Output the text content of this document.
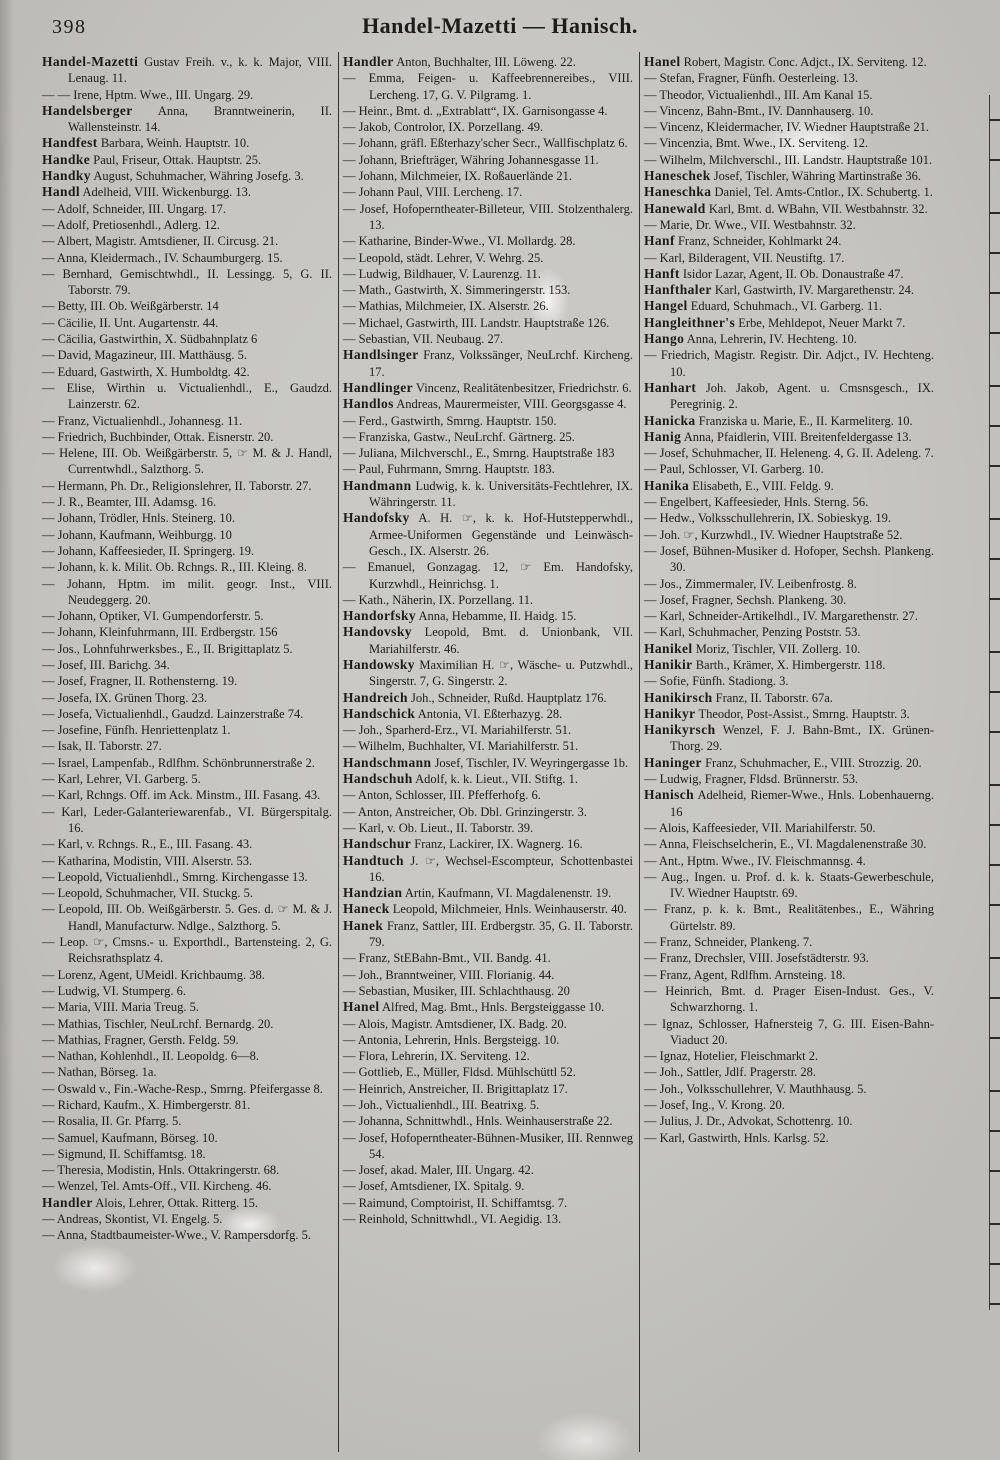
398	Handel-Mazetti — Hanisch.
Handel-Mazetti Gustav Freih. v., k. k. Major, VIII. Lenaug. 11.
— — Irene, Hptm. Wwe., III. Ungarg. 29.
Handelsberger Anna, Branntweinerin, II. Wallensteinstr. 14.
Handfest Barbara, Weinh. Hauptstr. 10.
Handke Paul, Friseur, Ottak. Hauptstr. 25.
Handky August, Schuhmacher, Währing Josefg. 3.
Handl Adelheid, VIII. Wickenburgg. 13.
— Adolf, Schneider, III. Ungarg. 17.
— Adolf, Pretiosenhdl., Adlerg. 12.
— Albert, Magistr. Amtsdiener, II. Circusg. 21.
— Anna, Kleidermach., IV. Schaumburgerg. 15.
— Bernhard, Gemischtwhdl., II. Lessingg. 5, G. II. Taborstr. 79.
— Betty, III. Ob. Weißgärberstr. 14
— Cäcilie, II. Unt. Augartenstr. 44.
— Cäcilia, Gastwirthin, X. Südbahnplatz 6
— David, Magazineur, III. Matthäusg. 5.
— Eduard, Gastwirth, X. Humboldtg. 42.
— Elise, Wirthin u. Victualienhdl., E., Gaudzd. Lainzerstr. 62.
— Franz, Victualienhdl., Johannesg. 11.
— Friedrich, Buchbinder, Ottak. Eisnerstr. 20.
— Helene, III. Ob. Weißgärberstr. 5, ☞ M. & J. Handl, Currentwhdl., Salzthorg. 5.
— Hermann, Ph. Dr., Religionslehrer, II. Taborstr. 27.
— J. R., Beamter, III. Adamsg. 16.
— Johann, Trödler, Hnls. Steinerg. 10.
— Johann, Kaufmann, Weihburgg. 10
— Johann, Kaffeesieder, II. Springerg. 19.
— Johann, k. k. Milit. Ob. Rchngs. R., III. Kleing. 8.
— Johann, Hptm. im milit. geogr. Inst., VIII. Neudeggerg. 20.
— Johann, Optiker, VI. Gumpendorferstr. 5.
— Johann, Kleinfuhrmann, III. Erdbergstr. 156
— Jos., Lohnfuhrwerksbes., E., II. Brigittaplatz 5.
— Josef, III. Barichg. 34.
— Josef, Fragner, II. Rothensterng. 19.
— Josefa, IX. Grünen Thorg. 23.
— Josefa, Victualienhdl., Gaudzd. Lainzerstraße 74.
— Josefine, Fünfh. Henriettenplatz 1.
— Isak, II. Taborstr. 27.
— Israel, Lampenfab., Rdlfhm. Schönbrunnerstraße 2.
— Karl, Lehrer, VI. Garberg. 5.
— Karl, Rchngs. Off. im Ack. Minstm., III. Fasang. 43.
— Karl, Leder-Galanteriewarenfab., VI. Bürgerspitalg. 16.
— Karl, v. Rchngs. R., E., III. Fasang. 43.
— Katharina, Modistin, VIII. Alserstr. 53.
— Leopold, Victualienhdl., Smrng. Kirchengasse 13.
— Leopold, Schuhmacher, VII. Stuckg. 5.
— Leopold, III. Ob. Weißgärberstr. 5. Ges. d. ☞ M. & J. Handl, Manufacturw. Ndlge., Salzthorg. 5.
— Leop. ☞, Cmsns.- u. Exporthdl., Bartensteing. 2, G. Reichsrathsplatz 4.
— Lorenz, Agent, UMeidl. Krichbaumg. 38.
— Ludwig, VI. Stumperg. 6.
— Maria, VIII. Maria Treug. 5.
— Mathias, Tischler, NeuLrchf. Bernardg. 20.
— Mathias, Fragner, Gersth. Feldg. 59.
— Nathan, Kohlenhdl., II. Leopoldg. 6—8.
— Nathan, Börseg. 1a.
— Oswald v., Fin.-Wache-Resp., Smrng. Pfeifergasse 8.
— Richard, Kaufm., X. Himbergerstr. 81.
— Rosalia, II. Gr. Pfarrg. 5.
— Samuel, Kaufmann, Börseg. 10.
— Sigmund, II. Schiffamtsg. 18.
— Theresia, Modistin, Hnls. Ottakringerstr. 68.
— Wenzel, Tel. Amts-Off., VII. Kircheng. 46.
Handler Alois, Lehrer, Ottak. Ritterg. 15.
— Andreas, Skontist, VI. Engelg. 5.
— Anna, Stadtbaumeister-Wwe., V. Rampersdorfg. 5.
Handler Anton, Buchhalter, III. Löweng. 22.
— Emma, Feigen- u. Kaffeebrennereibes., VIII. Lercheng. 17, G. V. Pilgramg. 1.
— Heinr., Bmt. d. „Extrablatt“, IX. Garnisongasse 4.
— Jakob, Controlor, IX. Porzellang. 49.
— Johann, gräfl. Eßterhazy'scher Secr., Wallfischplatz 6.
— Johann, Briefträger, Währing Johannesgasse 11.
— Johann, Milchmeier, IX. Roßauerlände 21.
— Johann Paul, VIII. Lercheng. 17.
— Josef, Hofoperntheater-Billeteur, VIII. Stolzenthalerg. 13.
— Katharine, Binder-Wwe., VI. Mollardg. 28.
— Leopold, städt. Lehrer, V. Wehrg. 25.
— Ludwig, Bildhauer, V. Laurenzg. 11.
— Math., Gastwirth, X. Simmeringerstr. 153.
— Mathias, Milchmeier, IX. Alserstr. 26.
— Michael, Gastwirth, III. Landstr. Hauptstraße 126.
— Sebastian, VII. Neubaug. 27.
Handlsinger Franz, Volkssänger, NeuLrchf. Kircheng. 17.
Handlinger Vincenz, Realitätenbesitzer, Friedrichstr. 6.
Handlos Andreas, Maurermeister, VIII. Georgsgasse 4.
— Ferd., Gastwirth, Smrng. Hauptstr. 150.
— Franziska, Gastw., NeuLrchf. Gärtnerg. 25.
— Juliana, Milchverschl., E., Smrng. Hauptstraße 183
— Paul, Fuhrmann, Smrng. Hauptstr. 183.
Handmann Ludwig, k. k. Universitäts-Fechtlehrer, IX. Währingerstr. 11.
Handofsky A. H. ☞, k. k. Hof-Hutstepperwhdl., Armee-Uniformen Gegenstände und Leinwäsch-Gesch., IX. Alserstr. 26.
— Emanuel, Gonzagag. 12, ☞ Em. Handofsky, Kurzwhdl., Heinrichsg. 1.
— Kath., Näherin, IX. Porzellang. 11.
Handorfsky Anna, Hebamme, II. Haidg. 15.
Handovsky Leopold, Bmt. d. Unionbank, VII. Mariahilferstr. 46.
Handowsky Maximilian H. ☞, Wäsche- u. Putzwhdl., Singerstr. 7, G. Singerstr. 2.
Handreich Joh., Schneider, Rußd. Hauptplatz 176.
Handschick Antonia, VI. Eßterhazyg. 28.
— Joh., Sparherd-Erz., VI. Mariahilferstr. 51.
— Wilhelm, Buchhalter, VI. Mariahilferstr. 51.
Handschmann Josef, Tischler, IV. Weyringergasse 1b.
Handschuh Adolf, k. k. Lieut., VII. Stiftg. 1.
— Anton, Schlosser, III. Pfefferhofg. 6.
— Anton, Anstreicher, Ob. Dbl. Grinzingerstr. 3.
— Karl, v. Ob. Lieut., II. Taborstr. 39.
Handschur Franz, Lackirer, IX. Wagnerg. 16.
Handtuch J. ☞, Wechsel-Escompteur, Schottenbastei 16.
Handzian Artin, Kaufmann, VI. Magdalenenstr. 19.
Haneck Leopold, Milchmeier, Hnls. Weinhauserstr. 40.
Hanek Franz, Sattler, III. Erdbergstr. 35, G. II. Taborstr. 79.
— Franz, StEBahn-Bmt., VII. Bandg. 41.
— Joh., Branntweiner, VIII. Florianig. 44.
— Sebastian, Musiker, III. Schlachthausg. 20
Hanel Alfred, Mag. Bmt., Hnls. Bergsteiggasse 10.
— Alois, Magistr. Amtsdiener, IX. Badg. 20.
— Antonia, Lehrerin, Hnls. Bergsteigg. 10.
— Flora, Lehrerin, IX. Serviteng. 12.
— Gottlieb, E., Müller, Fldsd. Mühlschüttl 52.
— Heinrich, Anstreicher, II. Brigittaplatz 17.
— Joh., Victualienhdl., III. Beatrixg. 5.
— Johanna, Schnittwhdl., Hnls. Weinhauserstraße 22.
— Josef, Hofoperntheater-Bühnen-Musiker, III. Rennweg 54.
— Josef, akad. Maler, III. Ungarg. 42.
— Josef, Amtsdiener, IX. Spitalg. 9.
— Raimund, Comptoirist, II. Schiffamtsg. 7.
— Reinhold, Schnittwhdl., VI. Aegidig. 13.
Hanel Robert, Magistr. Conc. Adjct., IX. Serviteng. 12.
— Stefan, Fragner, Fünfh. Oesterleing. 13.
— Theodor, Victualienhdl., III. Am Kanal 15.
— Vincenz, Bahn-Bmt., IV. Dannhauserg. 10.
— Vincenz, Kleidermacher, IV. Wiedner Hauptstraße 21.
— Vincenzia, Bmt. Wwe., IX. Serviteng. 12.
— Wilhelm, Milchverschl., III. Landstr. Hauptstraße 101.
Haneschek Josef, Tischler, Währing Martinstraße 36.
Haneschka Daniel, Tel. Amts-Cntlor., IX. Schubertg. 1.
Hanewald Karl, Bmt. d. WBahn, VII. Westbahnstr. 32.
— Marie, Dr. Wwe., VII. Westbahnstr. 32.
Hanf Franz, Schneider, Kohlmarkt 24.
— Karl, Bilderagent, VII. Neustiftg. 17.
Hanft Isidor Lazar, Agent, II. Ob. Donaustraße 47.
Hanfthaler Karl, Gastwirth, IV. Margarethenstr. 24.
Hangel Eduard, Schuhmach., VI. Garberg. 11.
Hangleithner's Erbe, Mehldepot, Neuer Markt 7.
Hango Anna, Lehrerin, IV. Hechteng. 10.
— Friedrich, Magistr. Registr. Dir. Adjct., IV. Hechteng. 10.
Hanhart Joh. Jakob, Agent. u. Cmsnsgesch., IX. Peregrinig. 2.
Hanicka Franziska u. Marie, E., II. Karmeliterg. 10.
Hanig Anna, Pfaidlerin, VIII. Breitenfeldergasse 13.
— Josef, Schuhmacher, II. Heleneng. 4, G. II. Adeleng. 7.
— Paul, Schlosser, VI. Garberg. 10.
Hanika Elisabeth, E., VIII. Feldg. 9.
— Engelbert, Kaffeesieder, Hnls. Sterng. 56.
— Hedw., Volksschullehrerin, IX. Sobieskyg. 19.
— Joh. ☞, Kurzwhdl., IV. Wiedner Hauptstraße 52.
— Josef, Bühnen-Musiker d. Hofoper, Sechsh. Plankeng. 30.
— Jos., Zimmermaler, IV. Leibenfrostg. 8.
— Josef, Fragner, Sechsh. Plankeng. 30.
— Karl, Schneider-Artikelhdl., IV. Margarethenstr. 27.
— Karl, Schuhmacher, Penzing Poststr. 53.
Hanikel Moriz, Tischler, VII. Zollerg. 10.
Hanikir Barth., Krämer, X. Himbergerstr. 118.
— Sofie, Fünfh. Stadiong. 3.
Hanikirsch Franz, II. Taborstr. 67a.
Hanikyr Theodor, Post-Assist., Smrng. Hauptstr. 3.
Hanikyrsch Wenzel, F. J. Bahn-Bmt., IX. Grünen-Thorg. 29.
Haninger Franz, Schuhmacher, E., VIII. Strozzig. 20.
— Ludwig, Fragner, Fldsd. Brünnerstr. 53.
Hanisch Adelheid, Riemer-Wwe., Hnls. Lobenhauerng. 16
— Alois, Kaffeesieder, VII. Mariahilferstr. 50.
— Anna, Fleischselcherin, E., VI. Magdalenenstraße 30.
— Ant., Hptm. Wwe., IV. Fleischmannsg. 4.
— Aug., Ingen. u. Prof. d. k. k. Staats-Gewerbeschule, IV. Wiedner Hauptstr. 69.
— Franz, p. k. k. Bmt., Realitätenbes., E., Währing Gürtelstr. 89.
— Franz, Schneider, Plankeng. 7.
— Franz, Drechsler, VIII. Josefstädterstr. 93.
— Franz, Agent, Rdlfhm. Arnsteing. 18.
— Heinrich, Bmt. d. Prager Eisen-Indust. Ges., V. Schwarzhorng. 1.
— Ignaz, Schlosser, Hafnersteig 7, G. III. Eisen-Bahn-Viaduct 20.
— Ignaz, Hotelier, Fleischmarkt 2.
— Joh., Sattler, Jdlf. Pragerstr. 28.
— Joh., Volksschullehrer, V. Mauthhausg. 5.
— Josef, Ing., V. Krong. 20.
— Julius, J. Dr., Advokat, Schottenrg. 10.
— Karl, Gastwirth, Hnls. Karlsg. 52.
